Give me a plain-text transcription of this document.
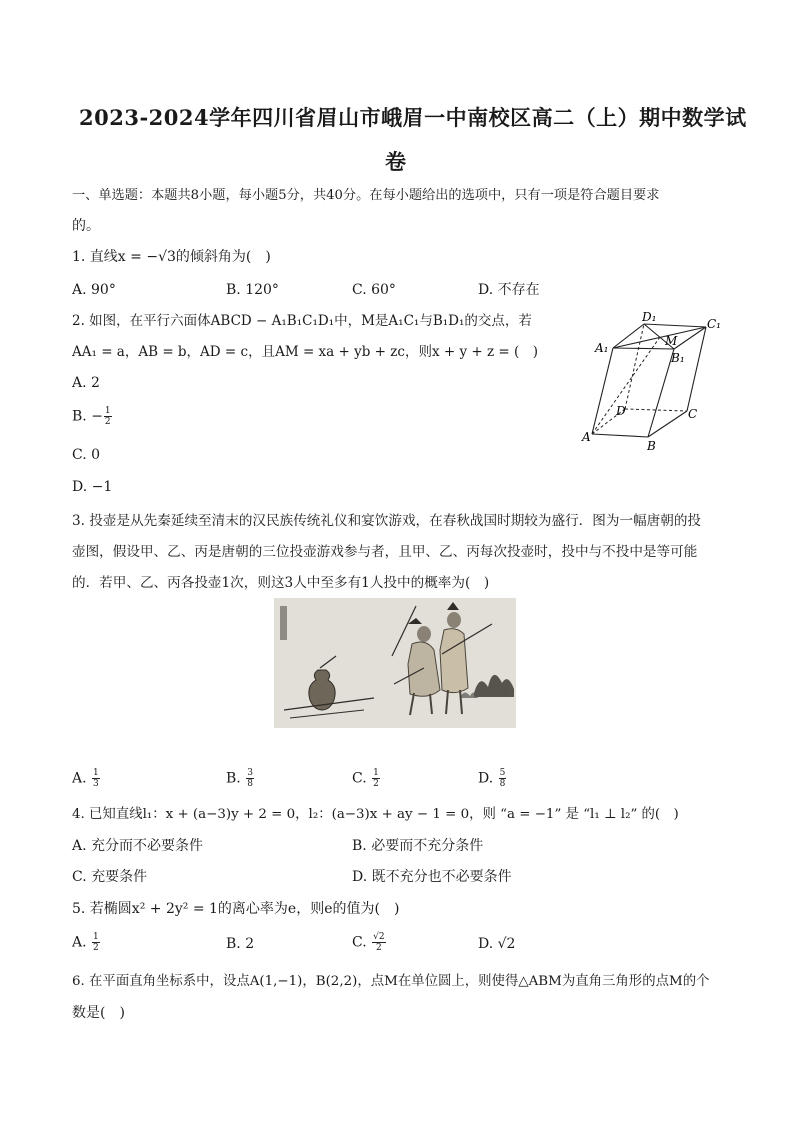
2023-2024学年四川省眉山市峨眉一中南校区高二（上）期中数学试
卷
一、单选题：本题共8小题，每小题5分，共40分。在每小题给出的选项中，只有一项是符合题目要求
的。
1. 直线x = −√3的倾斜角为(　)
A. 90°	B. 120°	C. 60°	D. 不存在
2. 如图，在平行六面体ABCD − A₁B₁C₁D₁中，M是A₁C₁与B₁D₁的交点，若
AA₁ = a，AB = b，AD = c，且AM = xa + yb + zc，则x + y + z = (　)
A. 2
B. − $\frac{1}{2}$
C. 0
D. −1
D₁	C₁
A₁	M
B₁
D	C
A
B
3. 投壶是从先秦延续至清末的汉民族传统礼仪和宴饮游戏，在春秋战国时期较为盛行．图为一幅唐朝的投
壶图，假设甲、乙、丙是唐朝的三位投壶游戏参与者，且甲、乙、丙每次投壶时，投中与不投中是等可能
的．若甲、乙、丙各投壶1次，则这3人中至多有1人投中的概率为(　)
A. $\frac{1}{3}$	B. $\frac{3}{8}$	C. $\frac{1}{2}$	D. $\frac{5}{8}$
4. 已知直线l₁：x + (a−3)y + 2 = 0，l₂：(a−3)x + ay − 1 = 0，则 “a = −1” 是 “l₁ ⊥ l₂” 的(　)
A. 充分而不必要条件	B. 必要而不充分条件
C. 充要条件	D. 既不充分也不必要条件
5. 若椭圆x² + 2y² = 1的离心率为e，则e的值为(　)
A. $\frac{1}{2}$	B. 2	C. $\frac{√2}{2}$	D. √2
6. 在平面直角坐标系中，设点A(1,−1)，B(2,2)，点M在单位圆上，则使得△ABM为直角三角形的点M的个
数是(　)
